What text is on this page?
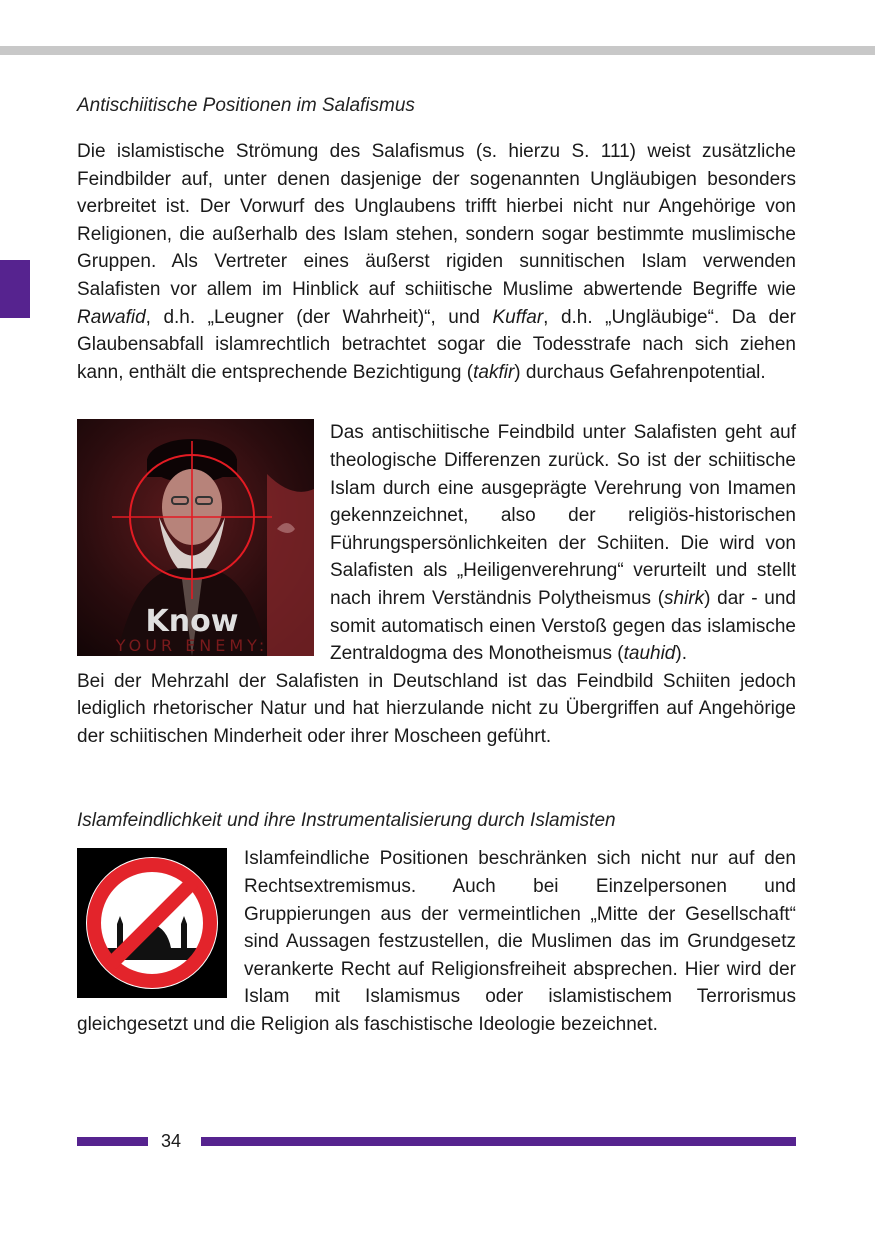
Antischiitische Positionen im Salafismus

Die islamistische Strömung des Salafismus (s. hierzu S. 111) weist zusätzliche Feindbilder auf, unter denen dasjenige der sogenannten Ungläubigen besonders verbreitet ist. Der Vorwurf des Unglaubens trifft hierbei nicht nur Angehörige von Religionen, die außerhalb des Islam stehen, sondern sogar bestimmte muslimische Gruppen. Als Vertreter eines äußerst rigiden sunnitischen Islam verwenden Salafisten vor allem im Hinblick auf schiitische Muslime abwertende Begriffe wie Rawafid, d.h. „Leugner (der Wahrheit)“, und Kuffar, d.h. „Ungläubige“. Da der Glaubensabfall islamrechtlich betrachtet sogar die Todesstrafe nach sich ziehen kann, enthält die entsprechende Bezichtigung (takfir) durchaus Gefahrenpotential.

Know
YOUR ENEMY:

Das antischiitische Feindbild unter Salafisten geht auf theologische Differenzen zurück. So ist der schiitische Islam durch eine ausgeprägte Verehrung von Imamen gekennzeichnet, also der religiös-historischen Führungspersönlichkeiten der Schiiten. Die wird von Salafisten als „Heiligenverehrung“ verurteilt und stellt nach ihrem Verständnis Polytheismus (shirk) dar - und somit automatisch einen Verstoß gegen das islamische Zentraldogma des Monotheismus (tauhid).

Bei der Mehrzahl der Salafisten in Deutschland ist das Feindbild Schiiten jedoch lediglich rhetorischer Natur und hat hierzulande nicht zu Übergriffen auf Angehörige der schiitischen Minderheit oder ihrer Moscheen geführt.

Islamfeindlichkeit und ihre Instrumentalisierung durch Islamisten

Islamfeindliche Positionen beschränken sich nicht nur auf den Rechtsextremismus. Auch bei Einzelpersonen und Gruppierungen aus der vermeintlichen „Mitte der Gesellschaft“ sind Aussagen festzustellen, die Muslimen das im Grundgesetz verankerte Recht auf Religionsfreiheit absprechen. Hier wird der Islam mit Islamismus oder islamistischem Terrorismus gleichgesetzt und die Religion als faschistische Ideologie bezeichnet.

34
